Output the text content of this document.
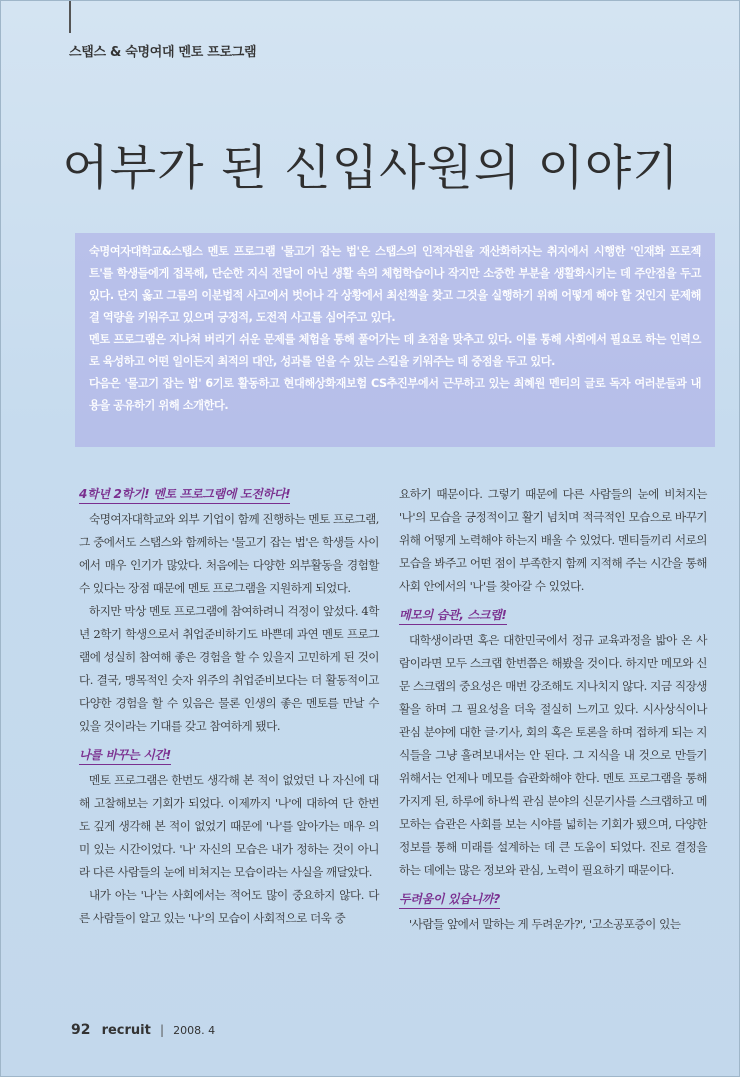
스탭스 & 숙명여대 멘토 프로그램
어부가 된 신입사원의 이야기

숙명여자대학교&스탭스 멘토 프로그램 '물고기 잡는 법'은 스탭스의 인적자원을 재산화하자는 취지에서 시행한 '인재화 프로젝트'를 학생들에게 접목해, 단순한 지식 전달이 아닌 생활 속의 체험학습이나 작지만 소중한 부분을 생활화시키는 데 주안점을 두고 있다. 단지 옳고 그름의 이분법적 사고에서 벗어나 각 상황에서 최선책을 찾고 그것을 실행하기 위해 어떻게 해야 할 것인지 문제해결 역량을 키워주고 있으며 긍정적, 도전적 사고를 심어주고 있다.

멘토 프로그램은 지나쳐 버리기 쉬운 문제를 체험을 통해 풀어가는 데 초점을 맞추고 있다. 이를 통해 사회에서 필요로 하는 인력으로 육성하고 어떤 일이든지 최적의 대안, 성과를 얻을 수 있는 스킬을 키워주는 데 중점을 두고 있다.

다음은 '물고기 잡는 법' 6기로 활동하고 현대해상화재보험 CS추진부에서 근무하고 있는 최혜원 멘티의 글로 독자 여러분들과 내용을 공유하기 위해 소개한다.

4학년 2학기! 멘토 프로그램에 도전하다!

숙명여자대학교와 외부 기업이 함께 진행하는 멘토 프로그램, 그 중에서도 스탭스와 함께하는 '물고기 잡는 법'은 학생들 사이에서 매우 인기가 많았다. 처음에는 다양한 외부활동을 경험할 수 있다는 장점 때문에 멘토 프로그램을 지원하게 되었다.

하지만 막상 멘토 프로그램에 참여하려니 걱정이 앞섰다. 4학년 2학기 학생으로서 취업준비하기도 바쁜데 과연 멘토 프로그램에 성실히 참여해 좋은 경험을 할 수 있을지 고민하게 된 것이다. 결국, 맹목적인 숫자 위주의 취업준비보다는 더 활동적이고 다양한 경험을 할 수 있음은 물론 인생의 좋은 멘토를 만날 수 있을 것이라는 기대를 갖고 참여하게 됐다.

나를 바꾸는 시간!

멘토 프로그램은 한번도 생각해 본 적이 없었던 나 자신에 대해 고찰해보는 기회가 되었다. 이제까지 '나'에 대하여 단 한번도 깊게 생각해 본 적이 없었기 때문에 '나'를 알아가는 매우 의미 있는 시간이었다. '나' 자신의 모습은 내가 정하는 것이 아니라 다른 사람들의 눈에 비쳐지는 모습이라는 사실을 깨달았다.

내가 아는 '나'는 사회에서는 적어도 많이 중요하지 않다. 다른 사람들이 알고 있는 '나'의 모습이 사회적으로 더욱 중

요하기 때문이다. 그렇기 때문에 다른 사람들의 눈에 비쳐지는 '나'의 모습을 긍정적이고 활기 넘치며 적극적인 모습으로 바꾸기 위해 어떻게 노력해야 하는지 배울 수 있었다. 멘티들끼리 서로의 모습을 봐주고 어떤 점이 부족한지 함께 지적해 주는 시간을 통해 사회 안에서의 '나'를 찾아갈 수 있었다.

메모의 습관, 스크랩!

대학생이라면 혹은 대한민국에서 정규 교육과정을 밟아 온 사람이라면 모두 스크랩 한번쯤은 해봤을 것이다. 하지만 메모와 신문 스크랩의 중요성은 매번 강조해도 지나치지 않다. 지금 직장생활을 하며 그 필요성을 더욱 절실히 느끼고 있다. 시사상식이나 관심 분야에 대한 글·기사, 회의 혹은 토론을 하며 접하게 되는 지식들을 그냥 흘려보내서는 안 된다. 그 지식을 내 것으로 만들기 위해서는 언제나 메모를 습관화해야 한다. 멘토 프로그램을 통해 가지게 된, 하루에 하나씩 관심 분야의 신문기사를 스크랩하고 메모하는 습관은 사회를 보는 시야를 넓히는 기회가 됐으며, 다양한 정보를 통해 미래를 설계하는 데 큰 도움이 되었다. 진로 결정을 하는 데에는 많은 정보와 관심, 노력이 필요하기 때문이다.

두려움이 있습니까?

'사람들 앞에서 말하는 게 두려운가?', '고소공포증이 있는

92 recruit | 2008. 4
